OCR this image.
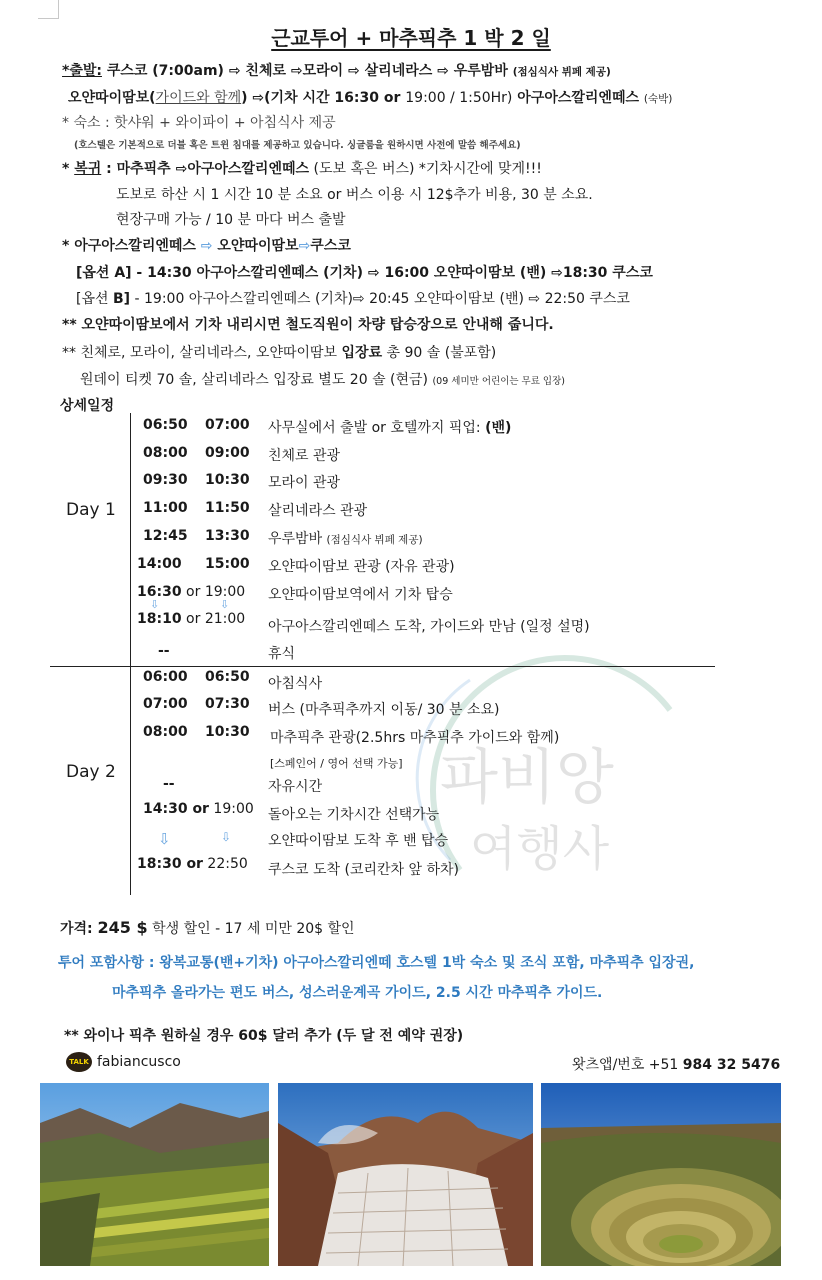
근교투어 + 마추픽추 1 박 2 일
*출발: 쿠스코 (7:00am) ⇨ 친체로 ⇨모라이 ⇨ 살리네라스 ⇨ 우루밤바 (점심식사 뷔페 제공)
오얀따이땀보(가이드와 함께) ⇨(기차 시간 16:30 or 19:00 / 1:50Hr) 아구아스깔리엔떼스 (숙박)
* 숙소 : 핫샤워 + 와이파이 + 아침식사 제공
(호스텔은 기본적으로 더블 혹은 트윈 침대를 제공하고 있습니다. 싱글룸을 원하시면 사전에 말씀 해주세요)
* 복귀 : 마추픽추 ⇨아구아스깔리엔떼스 (도보 혹은 버스) *기차시간에 맞게!!!
도보로 하산 시 1 시간 10 분 소요 or 버스 이용 시 12$추가 비용, 30 분 소요.
현장구매 가능 / 10 분 마다 버스 출발
* 아구아스깔리엔떼스 ⇨ 오얀따이땀보⇨쿠스코
[옵션 A] - 14:30 아구아스깔리엔떼스 (기차) ⇨ 16:00 오얀따이땀보 (밴) ⇨18:30 쿠스코
[옵션 B] - 19:00 아구아스깔리엔떼스 (기차)⇨ 20:45 오얀따이땀보 (밴) ⇨ 22:50 쿠스코
** 오얀따이땀보에서 기차 내리시면 철도직원이 차량 탑승장으로 안내해 줍니다.
** 친체로, 모라이, 살리네라스, 오얀따이땀보 입장료 총 90 솔 (불포함)
원데이 티켓 70 솔, 살리네라스 입장료 별도 20 솔 (현금) (09 세미만 어린이는 무료 입장)
파비앙
여행사
상세일정
Day 1
Day 2
06:50 07:00 사무실에서 출발 or 호텔까지 픽업: (밴)
08:00 09:00 친체로 관광
09:30 10:30 모라이 관광
11:00 11:50 살리네라스 관광
12:45 13:30 우루밤바 (점심식사 뷔페 제공)
14:00 15:00 오얀따이땀보 관광 (자유 관광)
16:30 or 19:00 오얀따이땀보역에서 기차 탑승
⇩	⇩
18:10 or 21:00 아구아스깔리엔떼스 도착, 가이드와 만남 (일정 설명)
--	휴식
06:00 06:50 아침식사
07:00 07:30 버스 (마추픽추까지 이동/ 30 분 소요)
08:00 10:30 마추픽추 관광(2.5hrs 마추픽추 가이드와 함께)
[스페인어 / 영어 선택 가능]
--	자유시간
14:30 or 19:00 돌아오는 기차시간 선택가능
⇩	⇩	오얀따이땀보 도착 후 밴 탑승
18:30 or 22:50 쿠스코 도착 (코리칸차 앞 하차)
가격: 245 $ 학생 할인 - 17 세 미만 20$ 할인
투어 포함사항 : 왕복교통(밴+기차) 아구아스깔리엔떼 호스텔 1박 숙소 및 조식 포함, 마추픽추 입장권,
마추픽추 올라가는 편도 버스, 성스러운계곡 가이드, 2.5 시간 마추픽추 가이드.
** 와이나 픽추 원하실 경우 60$ 달러 추가 (두 달 전 예약 권장)
TALK fabiancusco	왓츠앱/번호 +51 984 32 5476
